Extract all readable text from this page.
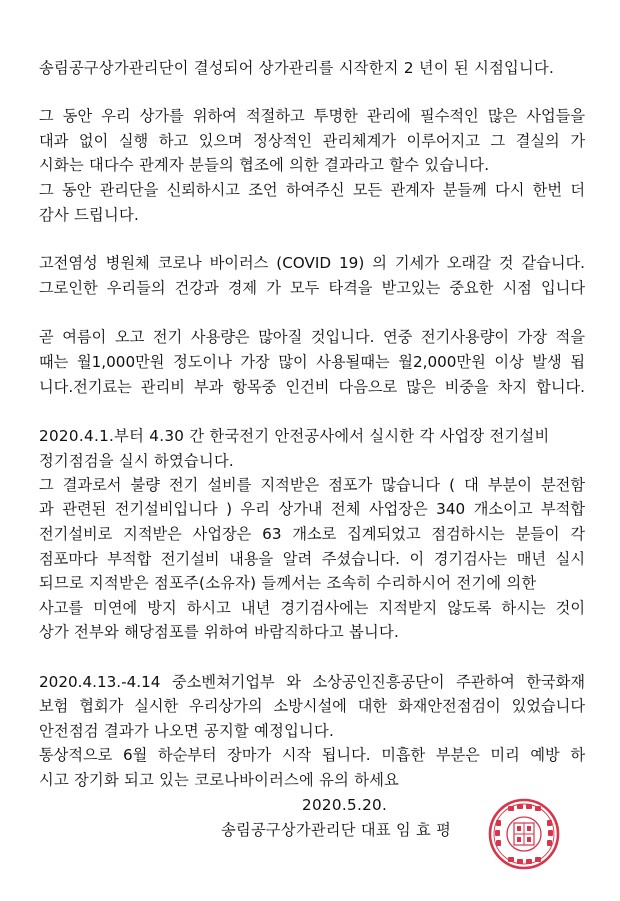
송림공구상가관리단이 결성되어 상가관리를 시작한지 2 년이 된 시점입니다.
그 동안 우리 상가를 위하여 적절하고 투명한 관리에 필수적인 많은 사업들을
대과 없이 실행 하고 있으며 정상적인 관리체계가 이루어지고 그 결실의 가
시화는 대다수 관계자 분들의 협조에 의한 결과라고 할수 있습니다.
그 동안 관리단을 신뢰하시고 조언 하여주신 모든 관계자 분들께 다시 한번 더
감사 드립니다.
고전염성 병원체 코로나 바이러스 (COVID 19) 의 기세가 오래갈 것 같습니다.
그로인한 우리들의 건강과 경제 가 모두 타격을 받고있는 중요한 시점 입니다
곧 여름이 오고 전기 사용량은 많아질 것입니다. 연중 전기사용량이 가장 적을
때는 월1,000만원 정도이나 가장 많이 사용될때는 월2,000만원 이상 발생 됩
니다.전기료는 관리비 부과 항목중 인건비 다음으로 많은 비중을 차지 합니다.
2020.4.1.부터 4.30 간 한국전기 안전공사에서 실시한 각 사업장 전기설비
정기점검을 실시 하였습니다.
그 결과로서 불량 전기 설비를 지적받은 점포가 많습니다 ( 대 부분이 분전함
과 관련된 전기설비입니다 ) 우리 상가내 전체 사업장은 340 개소이고 부적합
전기설비로 지적받은 사업장은 63 개소로 집계되었고 점검하시는 분들이 각
점포마다 부적합 전기설비 내용을 알려 주셨습니다. 이 경기검사는 매년 실시
되므로 지적받은 점포주(소유자) 들께서는 조속히 수리하시어 전기에 의한
사고를 미연에 방지 하시고 내년 경기검사에는 지적받지 않도록 하시는 것이
상가 전부와 해당점포를 위하여 바람직하다고 봅니다.
2020.4.13.-4.14 중소벤쳐기업부 와 소상공인진흥공단이 주관하여 한국화재
보험 협회가 실시한 우리상가의 소방시설에 대한 화재안전점검이 있었습니다
안전점검 결과가 나오면 공지할 예정입니다.
통상적으로 6월 하순부터 장마가 시작 됩니다. 미흡한 부분은 미리 예방 하
시고 장기화 되고 있는 코로나바이러스에 유의 하세요
2020.5.20.
송림공구상가관리단 대표 임 효 평
